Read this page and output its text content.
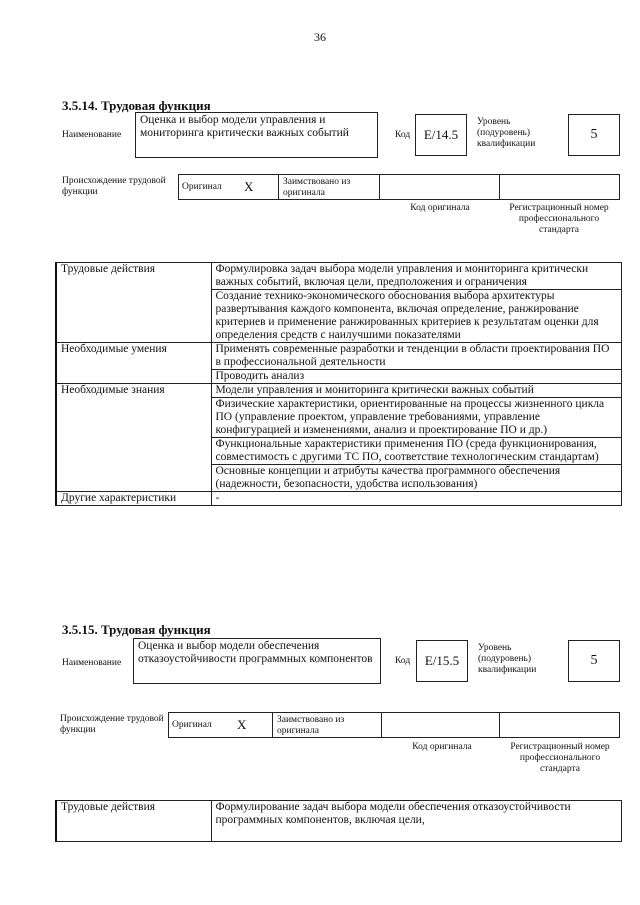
36
3.5.14. Трудовая функция
Наименование
Оценка и выбор модели управления и мониторинга критически важных событий	Код	E/14.5
Уровень (подуровень) квалификации
5
Происхождение трудовой функции	Оригинал X	Заимствовано из оригинала
Код оригинала	Регистрационный номер профессионального стандарта
Трудовые действия	Формулировка задач выбора модели управления и мониторинга критически важных событий, включая цели, предположения и ограничения
	Создание технико-экономического обоснования выбора архитектуры развертывания каждого компонента, включая определение, ранжирование критериев и применение ранжированных критериев к результатам оценки для определения средств с наилучшими показателями
Необходимые умения	Применять современные разработки и тенденции в области проектирования ПО в профессиональной деятельности
	Проводить анализ
Необходимые знания	Модели управления и мониторинга критически важных событий
	Физические характеристики, ориентированные на процессы жизненного цикла ПО (управление проектом, управление требованиями, управление конфигурацией и изменениями, анализ и проектирование ПО и др.)
	Функциональные характеристики применения ПО (среда функционирования, совместимость с другими ТС ПО, соответствие технологическим стандартам)
	Основные концепции и атрибуты качества программного обеспечения (надежности, безопасности, удобства использования)
Другие характеристики	-
3.5.15. Трудовая функция
Наименование
Оценка и выбор модели обеспечения отказоустойчивости программных компонентов	Код	E/15.5
Уровень (подуровень) квалификации
5
Происхождение трудовой функции	Оригинал X	Заимствовано из оригинала
Код оригинала	Регистрационный номер профессионального стандарта
Трудовые действия	Формулирование задач выбора модели обеспечения отказоустойчивости программных компонентов, включая цели,
